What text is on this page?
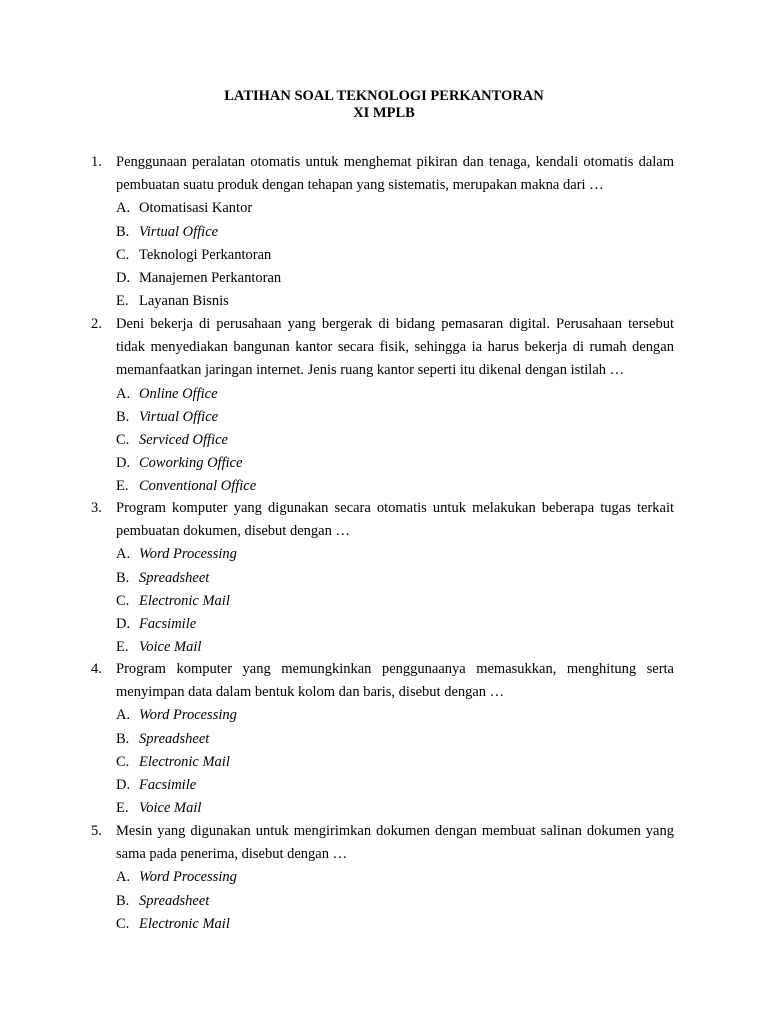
LATIHAN SOAL TEKNOLOGI PERKANTORAN
XI MPLB
1. Penggunaan peralatan otomatis untuk menghemat pikiran dan tenaga, kendali otomatis dalam pembuatan suatu produk dengan tehapan yang sistematis, merupakan makna dari …
A. Otomatisasi Kantor
B. Virtual Office
C. Teknologi Perkantoran
D. Manajemen Perkantoran
E. Layanan Bisnis
2. Deni bekerja di perusahaan yang bergerak di bidang pemasaran digital. Perusahaan tersebut tidak menyediakan bangunan kantor secara fisik, sehingga ia harus bekerja di rumah dengan memanfaatkan jaringan internet. Jenis ruang kantor seperti itu dikenal dengan istilah …
A. Online Office
B. Virtual Office
C. Serviced Office
D. Coworking Office
E. Conventional Office
3. Program komputer yang digunakan secara otomatis untuk melakukan beberapa tugas terkait pembuatan dokumen, disebut dengan …
A. Word Processing
B. Spreadsheet
C. Electronic Mail
D. Facsimile
E. Voice Mail
4. Program komputer yang memungkinkan penggunaanya memasukkan, menghitung serta menyimpan data dalam bentuk kolom dan baris, disebut dengan …
A. Word Processing
B. Spreadsheet
C. Electronic Mail
D. Facsimile
E. Voice Mail
5. Mesin yang digunakan untuk mengirimkan dokumen dengan membuat salinan dokumen yang sama pada penerima, disebut dengan …
A. Word Processing
B. Spreadsheet
C. Electronic Mail
